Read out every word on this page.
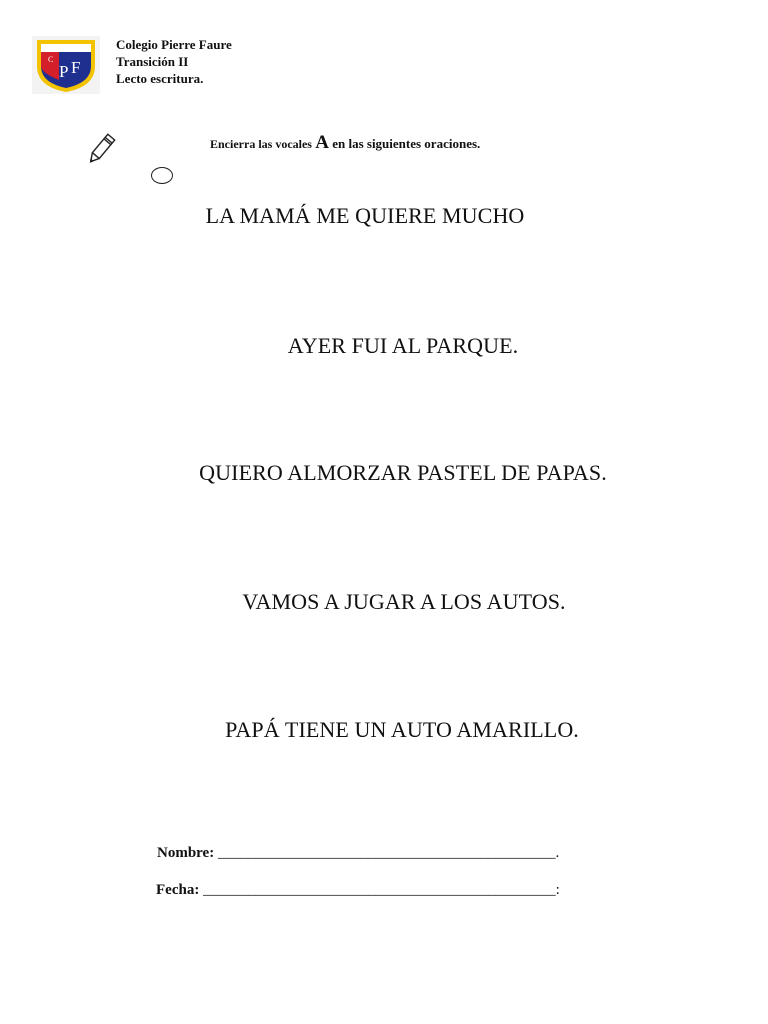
C
P F
Colegio Pierre Faure
Transición II
Lecto escritura.
Encierra las vocales A en las siguientes oraciones.
LA MAMÁ ME QUIERE MUCHO
AYER FUI AL PARQUE.
QUIERO ALMORZAR PASTEL DE PAPAS.
VAMOS A JUGAR A LOS AUTOS.
PAPÁ TIENE UN AUTO AMARILLO.
Nombre: _____________________________________________.
Fecha: _______________________________________________:
